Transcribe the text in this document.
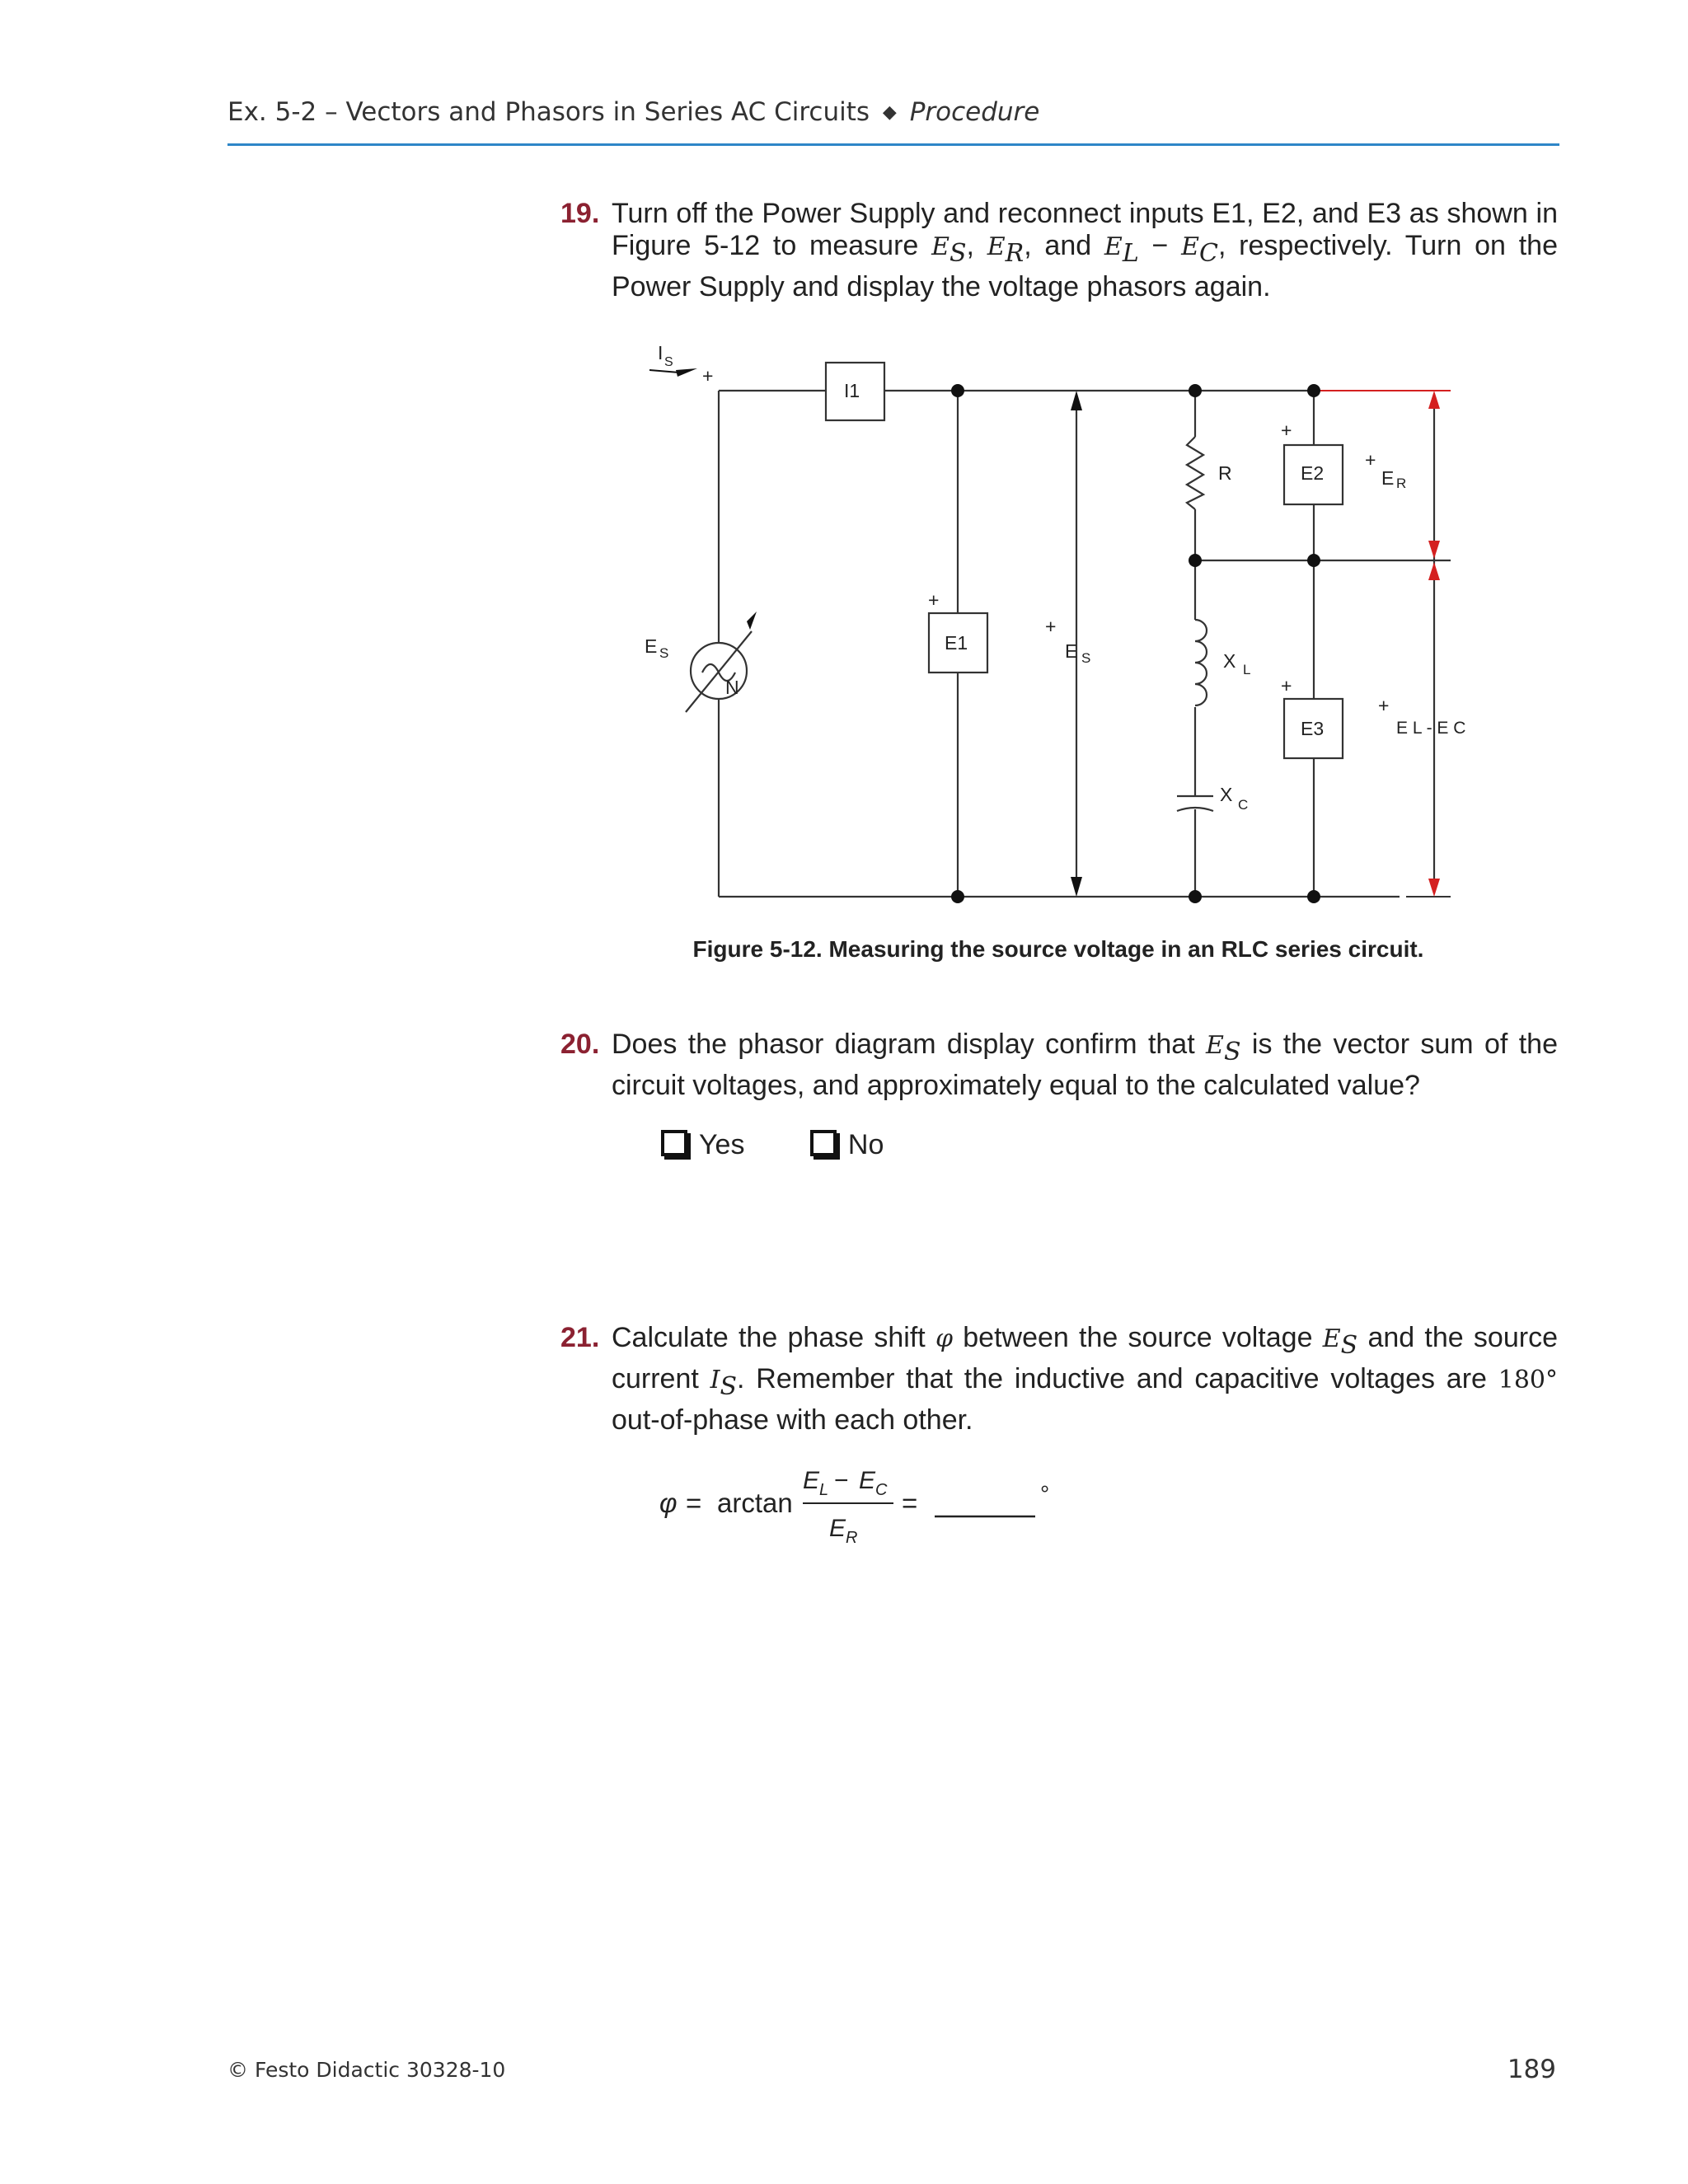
Ex. 5-2 – Vectors and Phasors in Series AC Circuits ◆ Procedure
19. Turn off the Power Supply and reconnect inputs E1, E2, and E3 as shown in Figure 5-12 to measure $E_S$, $E_R$, and $E_L - E_C$, respectively. Turn on the Power Supply and display the voltage phasors again.
I S
+
I1
+
E1
+
E S
E S
N
R
+
E2
X L
+
E3
X C
+
E R
+
E L - E C
Figure 5-12. Measuring the source voltage in an RLC series circuit.
20. Does the phasor diagram display confirm that $E_S$ is the vector sum of the circuit voltages, and approximately equal to the calculated value?
Yes	No
21. Calculate the phase shift φ between the source voltage $E_S$ and the source current $I_S$. Remember that the inductive and capacitive voltages are 180° out-of-phase with each other.
φ = arctan
E L − E C
E R
=	°
© Festo Didactic 30328-10	189
